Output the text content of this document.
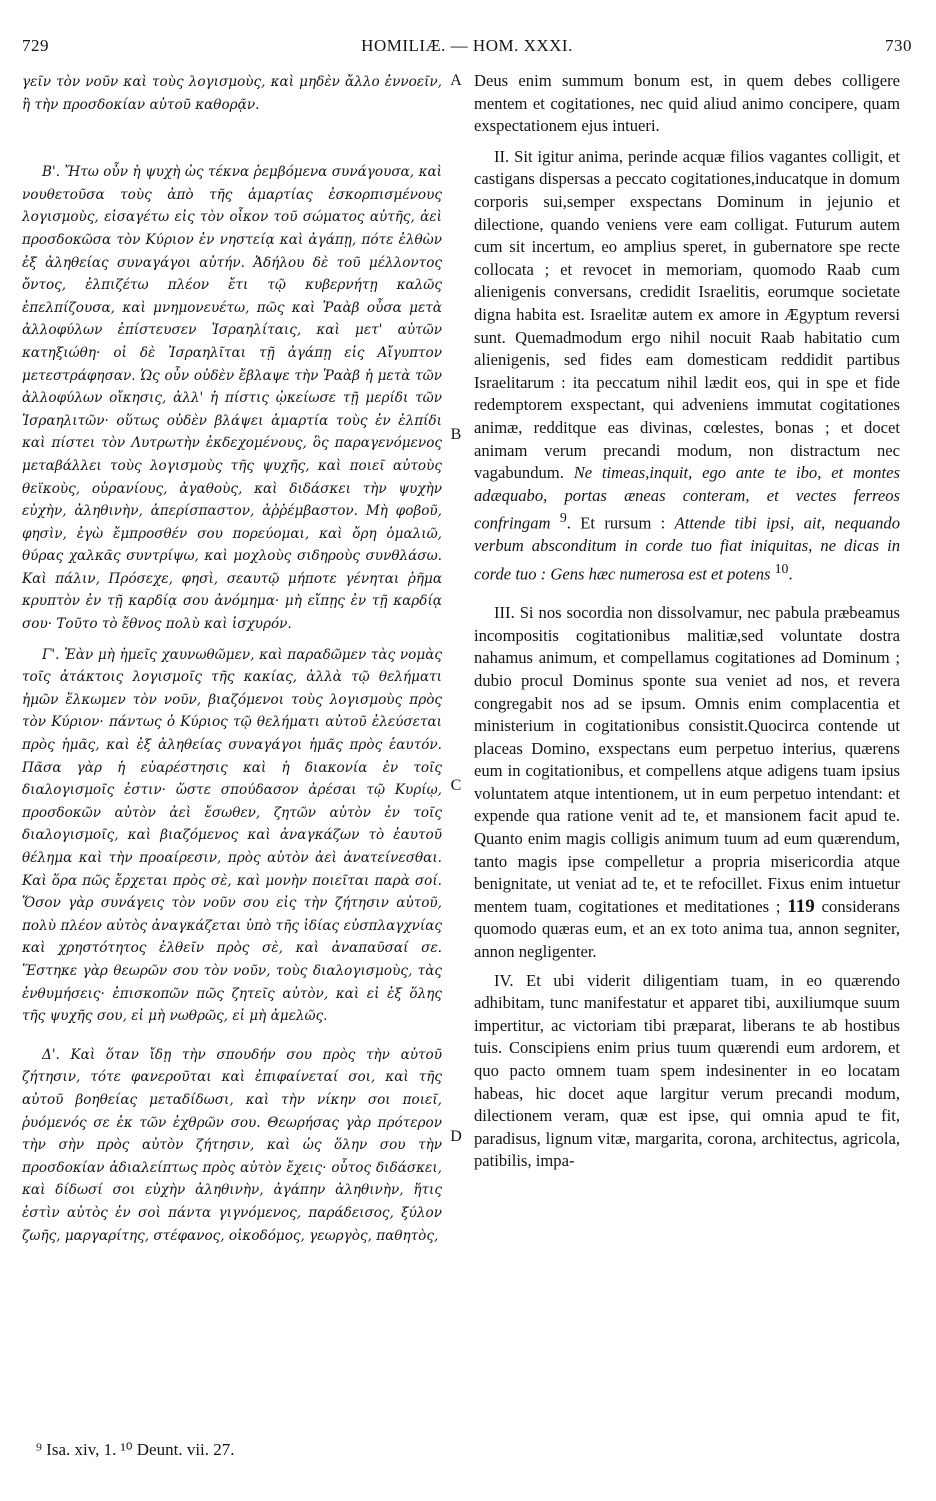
729	HOMILIÆ. — HOM. XXXI.	730

γεῖν τὸν νοῦν καὶ τοὺς λογισμοὺς, καὶ μηδὲν ἄλλο ἐννοεῖν, ἢ τὴν προσδοκίαν αὐτοῦ καθορᾷν.

Β'. Ἤτω οὖν ἡ ψυχὴ ὡς τέκνα ῥεμβόμενα συνάγουσα, καὶ νουθετοῦσα τοὺς ἀπὸ τῆς ἁμαρτίας ἐσκορπισμένους λογισμοὺς, εἰσαγέτω εἰς τὸν οἶκον τοῦ σώματος αὐτῆς, ἀεὶ προσδοκῶσα τὸν Κύριον ἐν νηστείᾳ καὶ ἀγάπῃ, πότε ἐλθὼν ἐξ ἀληθείας συναγάγοι αὐτήν. Ἀδήλου δὲ τοῦ μέλλοντος ὄντος, ἐλπιζέτω πλέον ἔτι τῷ κυβερνήτῃ καλῶς ἐπελπίζουσα, καὶ μνημονευέτω, πῶς καὶ Ῥαὰβ οὖσα μετὰ ἀλλοφύλων ἐπίστευσεν Ἰσραηλίταις, καὶ μετ' αὐτῶν κατηξιώθη· οἱ δὲ Ἰσραηλῖται τῇ ἀγάπῃ εἰς Αἴγυπτον μετεστράφησαν. Ὡς οὖν οὐδὲν ἔβλαψε τὴν Ῥαὰβ ἡ μετὰ τῶν ἀλλοφύλων οἴκησις, ἀλλ' ἡ πίστις ᾠκείωσε τῇ μερίδι τῶν Ἰσραηλιτῶν· οὕτως οὐδὲν βλάψει ἁμαρτία τοὺς ἐν ἐλπίδι καὶ πίστει τὸν Λυτρωτὴν ἐκδεχομένους, ὃς παραγενόμενος μεταβάλλει τοὺς λογισμοὺς τῆς ψυχῆς, καὶ ποιεῖ αὐτοὺς θεϊκοὺς, οὐρανίους, ἀγαθοὺς, καὶ διδάσκει τὴν ψυχὴν εὐχὴν, ἀληθινὴν, ἀπερίσπαστον, ἀῤῥέμβαστον. Μὴ φοβοῦ, φησὶν, ἐγὼ ἔμπροσθέν σου πορεύομαι, καὶ ὄρη ὁμαλιῶ, θύρας χαλκᾶς συντρίψω, καὶ μοχλοὺς σιδηροὺς συνθλάσω. Καὶ πάλιν, Πρόσεχε, φησὶ, σεαυτῷ μήποτε γένηται ῥῆμα κρυπτὸν ἐν τῇ καρδίᾳ σου ἀνόμημα· μὴ εἴπῃς ἐν τῇ καρδίᾳ σου· Τοῦτο τὸ ἔθνος πολὺ καὶ ἰσχυρόν.

Γ'. Ἐὰν μὴ ἡμεῖς χαυνωθῶμεν, καὶ παραδῶμεν τὰς νομὰς τοῖς ἀτάκτοις λογισμοῖς τῆς κακίας, ἀλλὰ τῷ θελήματι ἡμῶν ἕλκωμεν τὸν νοῦν, βιαζόμενοι τοὺς λογισμοὺς πρὸς τὸν Κύριον· πάντως ὁ Κύριος τῷ θελήματι αὐτοῦ ἐλεύσεται πρὸς ἡμᾶς, καὶ ἐξ ἀληθείας συναγάγοι ἡμᾶς πρὸς ἑαυτόν. Πᾶσα γὰρ ἡ εὐαρέστησις καὶ ἡ διακονία ἐν τοῖς διαλογισμοῖς ἐστιν· ὥστε σπούδασον ἀρέσαι τῷ Κυρίῳ, προσδοκῶν αὐτὸν ἀεὶ ἔσωθεν, ζητῶν αὐτὸν ἐν τοῖς διαλογισμοῖς, καὶ βιαζόμενος καὶ ἀναγκάζων τὸ ἑαυτοῦ θέλημα καὶ τὴν προαίρεσιν, πρὸς αὐτὸν ἀεὶ ἀνατείνεσθαι. Καὶ ὅρα πῶς ἔρχεται πρὸς σὲ, καὶ μονὴν ποιεῖται παρὰ σοί. Ὅσον γὰρ συνάγεις τὸν νοῦν σου εἰς τὴν ζήτησιν αὐτοῦ, πολὺ πλέον αὐτὸς ἀναγκάζεται ὑπὸ τῆς ἰδίας εὐσπλαγχνίας καὶ χρηστότητος ἐλθεῖν πρὸς σὲ, καὶ ἀναπαῦσαί σε. Ἕστηκε γὰρ θεωρῶν σου τὸν νοῦν, τοὺς διαλογισμοὺς, τὰς ἐνθυμήσεις· ἐπισκοπῶν πῶς ζητεῖς αὐτὸν, καὶ εἰ ἐξ ὅλης τῆς ψυχῆς σου, εἰ μὴ νωθρῶς, εἰ μὴ ἀμελῶς.

Δ'. Καὶ ὅταν ἴδῃ τὴν σπουδήν σου πρὸς τὴν αὐτοῦ ζήτησιν, τότε φανεροῦται καὶ ἐπιφαίνεταί σοι, καὶ τῆς αὐτοῦ βοηθείας μεταδίδωσι, καὶ τὴν νίκην σοι ποιεῖ, ῥυόμενός σε ἐκ τῶν ἐχθρῶν σου. Θεωρήσας γὰρ πρότερον τὴν σὴν πρὸς αὐτὸν ζήτησιν, καὶ ὡς ὅλην σου τὴν προσδοκίαν ἀδιαλείπτως πρὸς αὐτὸν ἔχεις· οὗτος διδάσκει, καὶ δίδωσί σοι εὐχὴν ἀληθινὴν, ἀγάπην ἀληθινὴν, ἥτις ἐστὶν αὐτὸς ἐν σοὶ πάντα γιγνόμενος, παράδεισος, ξύλον ζωῆς, μαργαρίτης, στέφανος, οἰκοδόμος, γεωργὸς, παθητὸς,

A
B
C
D

Deus enim summum bonum est, in quem debes colligere mentem et cogitationes, nec quid aliud animo concipere, quam exspectationem ejus intueri.

II. Sit igitur anima, perinde acquæ filios vagantes colligit, et castigans dispersas a peccato cogitationes,inducatque in domum corporis sui,semper exspectans Dominum in jejunio et dilectione, quando veniens vere eam colligat. Futurum autem cum sit incertum, eo amplius speret, in gubernatore spe recte collocata ; et revocet in memoriam, quomodo Raab cum alienigenis conversans, credidit Israelitis, eorumque societate digna habita est. Israelitæ autem ex amore in Ægyptum reversi sunt. Quemadmodum ergo nihil nocuit Raab habitatio cum alienigenis, sed fides eam domesticam reddidit partibus Israelitarum : ita peccatum nihil lædit eos, qui in spe et fide redemptorem exspectant, qui adveniens immutat cogitationes animæ, redditque eas divinas, cœlestes, bonas ; et docet animam verum precandi modum, non distractum nec vagabundum. Ne timeas,inquit, ego ante te ibo, et montes adæquabo, portas æneas conteram, et vectes ferreos confringam $^9$. Et rursum : Attende tibi ipsi, ait, nequando verbum absconditum in corde tuo fiat iniquitas, ne dicas in corde tuo : Gens hæc numerosa est et potens $^{10}$.

III. Si nos socordia non dissolvamur, nec pabula præbeamus incompositis cogitationibus malitiæ,sed voluntate dostra nahamus animum, et compellamus cogitationes ad Dominum ; dubio procul Dominus sponte sua veniet ad nos, et revera congregabit nos ad se ipsum. Omnis enim complacentia et ministerium in cogitationibus consistit.Quocirca contende ut placeas Domino, exspectans eum perpetuo interius, quærens eum in cogitationibus, et compellens atque adigens tuam ipsius voluntatem atque intentionem, ut in eum perpetuo intendant: et expende qua ratione venit ad te, et mansionem facit apud te. Quanto enim magis colligis animum tuum ad eum quærendum, tanto magis ipse compelletur a propria misericordia atque benignitate, ut veniat ad te, et te refocillet. Fixus enim intuetur mentem tuam, cogitationes et meditationes ; 119 considerans quomodo quæras eum, et an ex toto anima tua, annon segniter, annon negligenter.

IV. Et ubi viderit diligentiam tuam, in eo quærendo adhibitam, tunc manifestatur et apparet tibi, auxiliumque suum impertitur, ac victoriam tibi præparat, liberans te ab hostibus tuis. Conscipiens enim prius tuum quærendi eum ardorem, et quo pacto omnem tuam spem indesinenter in eo locatam habeas, hic docet aque largitur verum precandi modum, dilectionem veram, quæ est ipse, qui omnia apud te fit, paradisus, lignum vitæ, margarita, corona, architectus, agricola, patibilis, impa-

⁹ Isa. xiv, 1. ¹⁰ Deunt. vii. 27.
